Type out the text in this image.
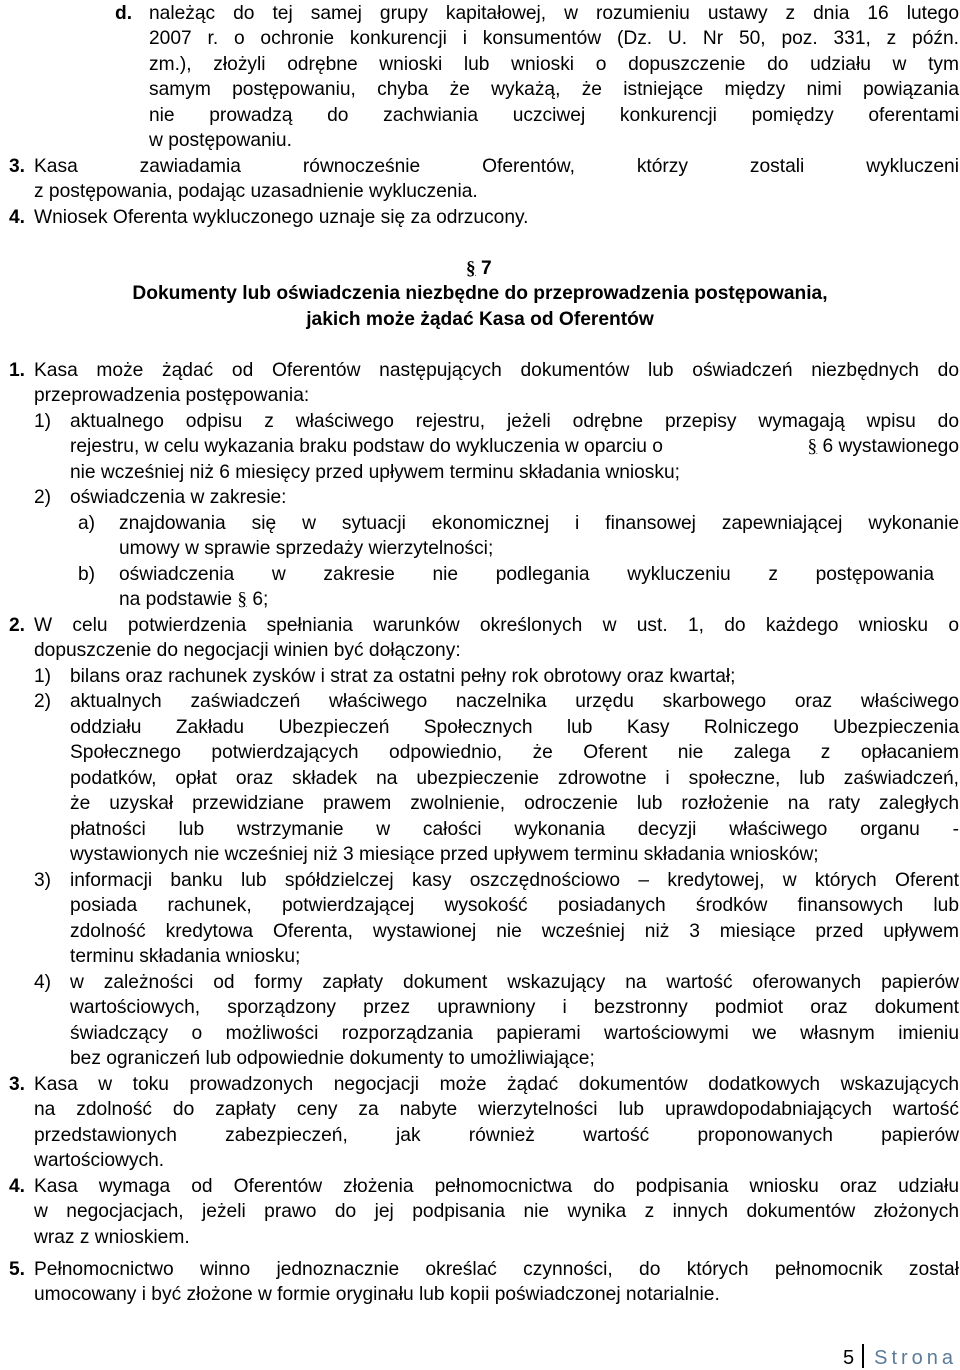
d. należąc do tej samej grupy kapitałowej, w rozumieniu ustawy z dnia 16 lutego
2007 r. o ochronie konkurencji i konsumentów (Dz. U. Nr 50, poz. 331, z późn.
zm.), złożyli odrębne wnioski lub wnioski o dopuszczenie do udziału w tym
samym postępowaniu, chyba że wykażą, że istniejące między nimi powiązania
nie prowadzą do zachwiania uczciwej konkurencji pomiędzy oferentami
w postępowaniu.
3. Kasa zawiadamia równocześnie Oferentów, którzy zostali wykluczeni
z postępowania, podając uzasadnienie wykluczenia.
4. Wniosek Oferenta wykluczonego uznaje się za odrzucony.
§ 7
Dokumenty lub oświadczenia niezbędne do przeprowadzenia postępowania,
jakich może żądać Kasa od Oferentów
1. Kasa może żądać od Oferentów następujących dokumentów lub oświadczeń niezbędnych do
przeprowadzenia postępowania:
1) aktualnego odpisu z właściwego rejestru, jeżeli odrębne przepisy wymagają wpisu do
rejestru, w celu wykazania braku podstaw do wykluczenia w oparciu o	§ 6 wystawionego
nie wcześniej niż 6 miesięcy przed upływem terminu składania wniosku;
2) oświadczenia w zakresie:
a) znajdowania się w sytuacji ekonomicznej i finansowej zapewniającej wykonanie
umowy w sprawie sprzedaży wierzytelności;
b) oświadczenia w zakresie nie podlegania wykluczeniu z postępowania
na podstawie § 6;
2. W celu potwierdzenia spełniania warunków określonych w ust. 1, do każdego wniosku o
dopuszczenie do negocjacji winien być dołączony:
1) bilans oraz rachunek zysków i strat za ostatni pełny rok obrotowy oraz kwartał;
2) aktualnych zaświadczeń właściwego naczelnika urzędu skarbowego oraz właściwego
oddziału Zakładu Ubezpieczeń Społecznych lub Kasy Rolniczego Ubezpieczenia
Społecznego potwierdzających odpowiednio, że Oferent nie zalega z opłacaniem
podatków, opłat oraz składek na ubezpieczenie zdrowotne i społeczne, lub zaświadczeń,
że uzyskał przewidziane prawem zwolnienie, odroczenie lub rozłożenie na raty zaległych
płatności lub wstrzymanie w całości wykonania decyzji właściwego organu -
wystawionych nie wcześniej niż 3 miesiące przed upływem terminu składania wniosków;
3) informacji banku lub spółdzielczej kasy oszczędnościowo – kredytowej, w których Oferent
posiada rachunek, potwierdzającej wysokość posiadanych środków finansowych lub
zdolność kredytowa Oferenta, wystawionej nie wcześniej niż 3 miesiące przed upływem
terminu składania wniosku;
4) w zależności od formy zapłaty dokument wskazujący na wartość oferowanych papierów
wartościowych, sporządzony przez uprawniony i bezstronny podmiot oraz dokument
świadczący o możliwości rozporządzania papierami wartościowymi we własnym imieniu
bez ograniczeń lub odpowiednie dokumenty to umożliwiające;
3. Kasa w toku prowadzonych negocjacji może żądać dokumentów dodatkowych wskazujących
na zdolność do zapłaty ceny za nabyte wierzytelności lub uprawdopodabniających wartość
przedstawionych zabezpieczeń, jak również wartość proponowanych papierów
wartościowych.
4. Kasa wymaga od Oferentów złożenia pełnomocnictwa do podpisania wniosku oraz udziału
w negocjacjach, jeżeli prawo do jej podpisania nie wynika z innych dokumentów złożonych
wraz z wnioskiem.
5. Pełnomocnictwo winno jednoznacznie określać czynności, do których pełnomocnik został
umocowany i być złożone w formie oryginału lub kopii poświadczonej notarialnie.
5 Strona
